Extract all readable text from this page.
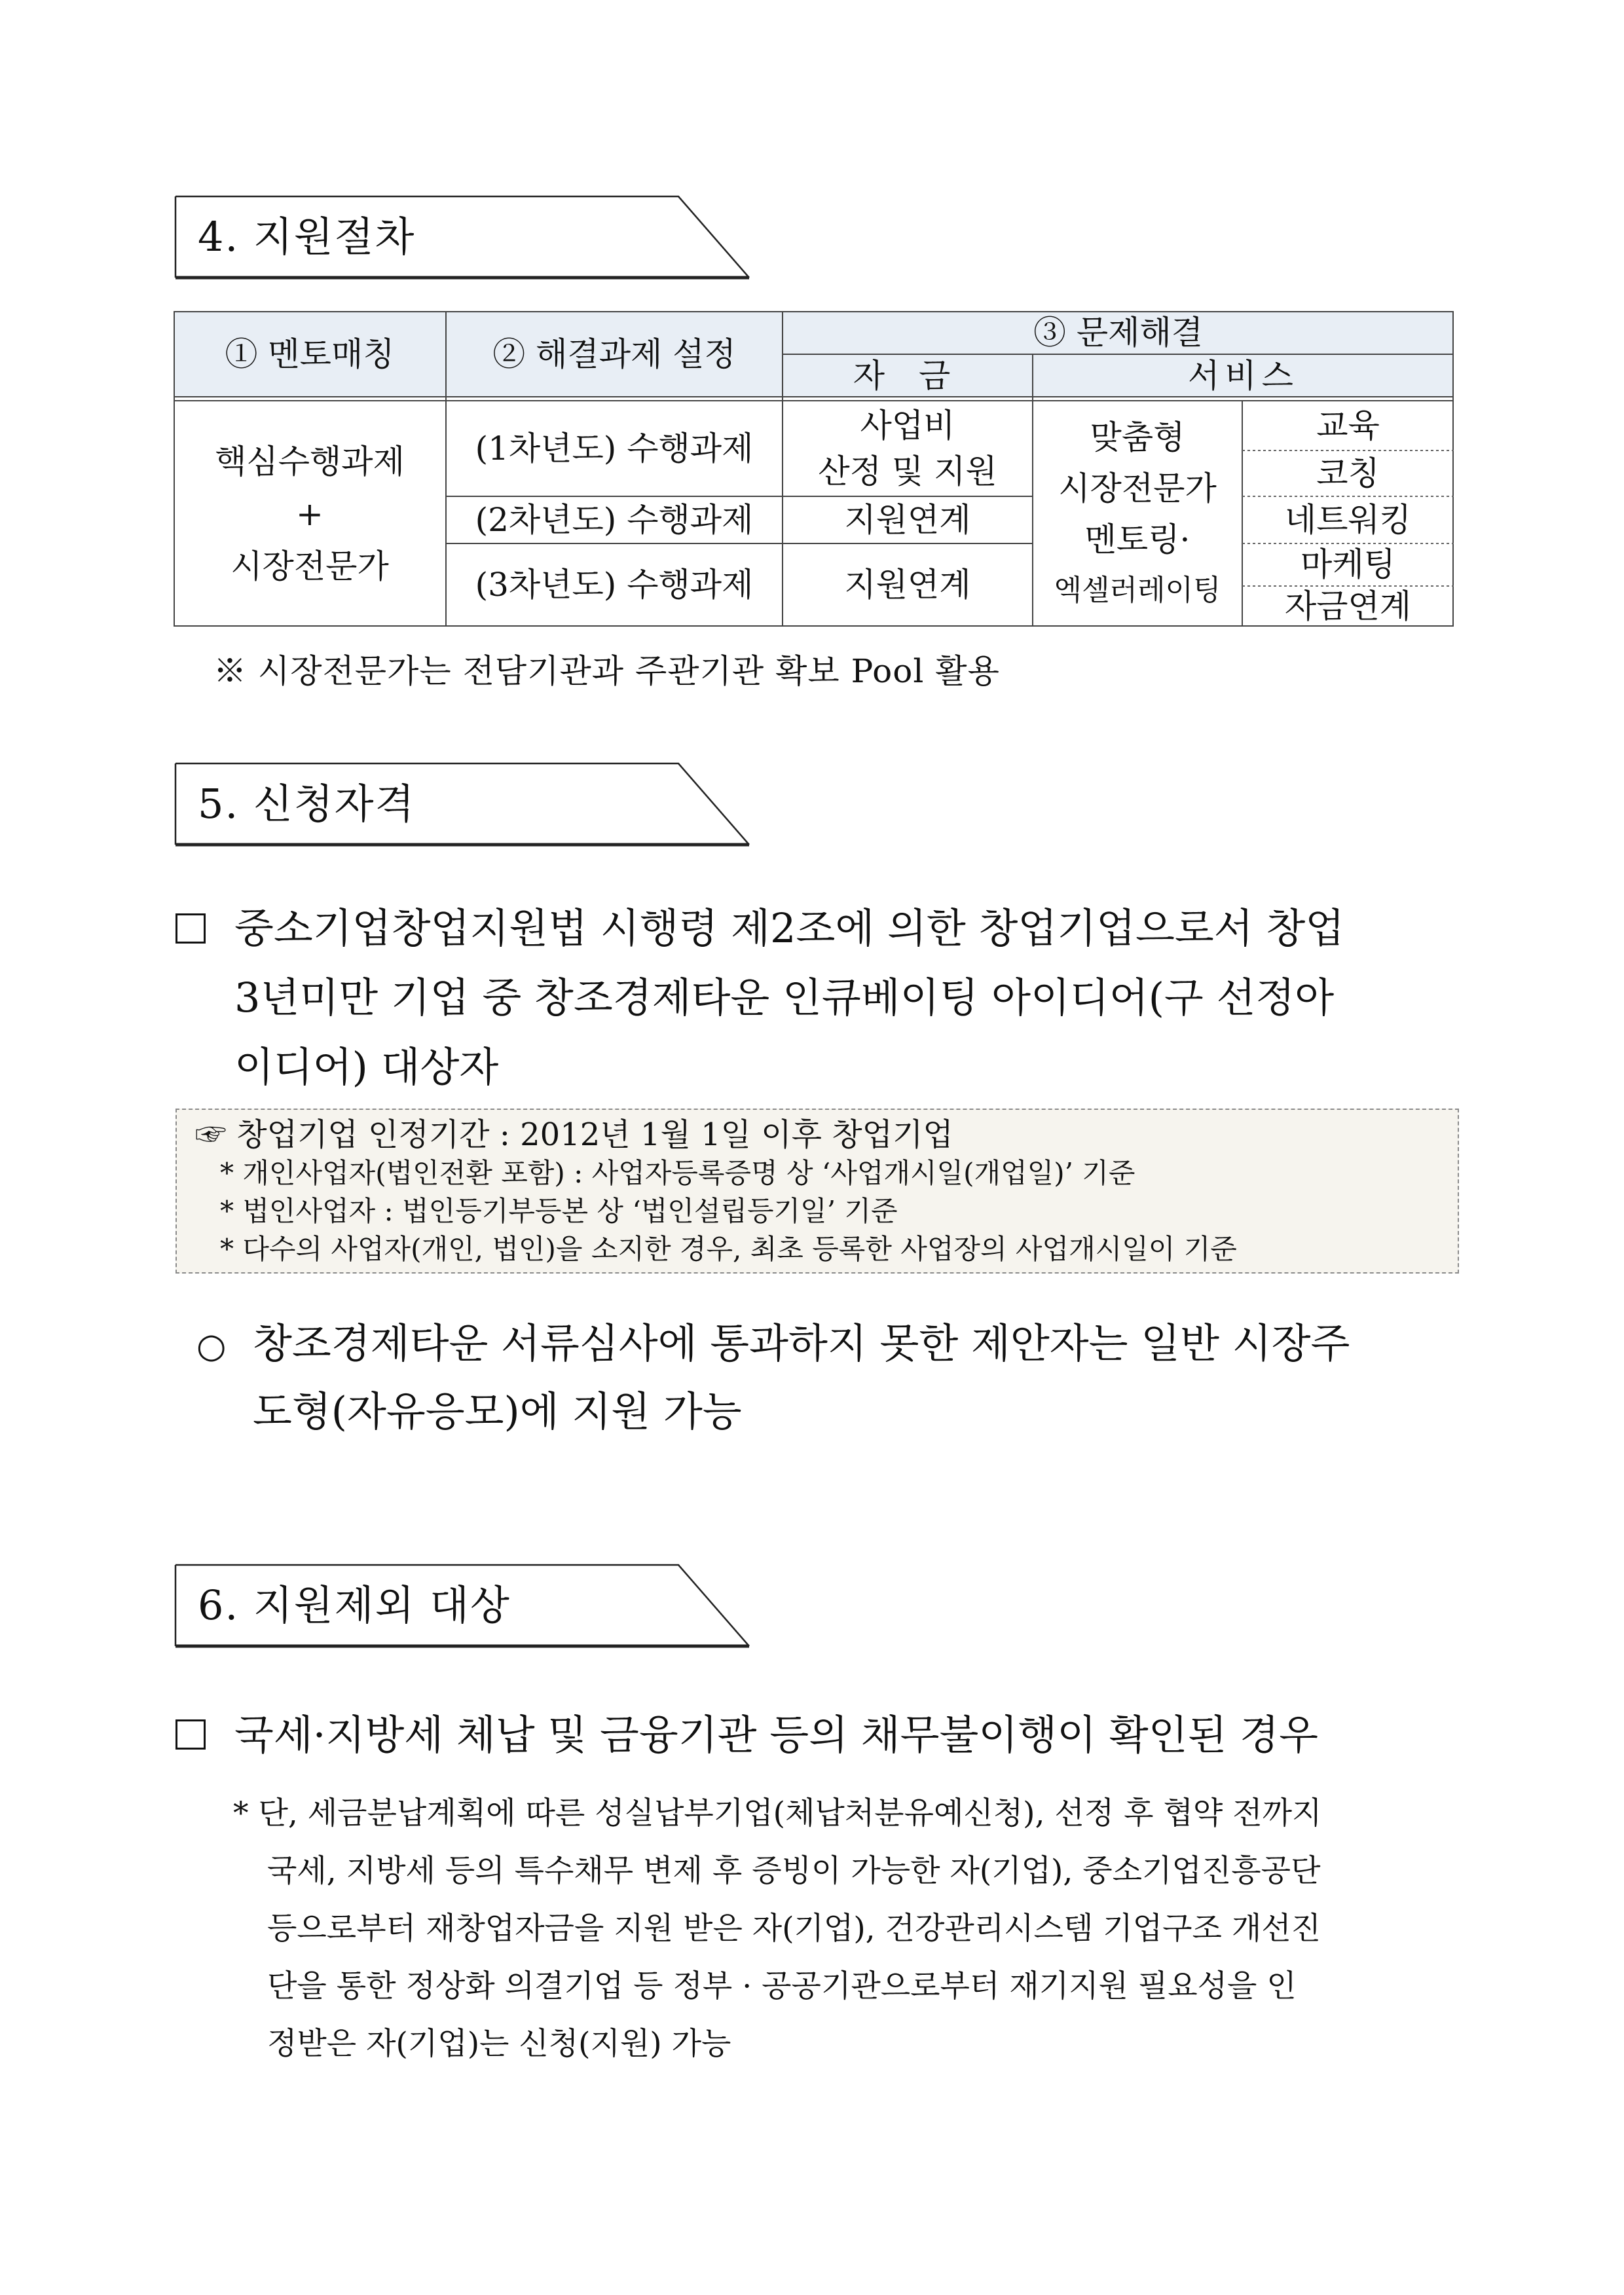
4. 지원절차
① 멘토매칭	② 해결과제 설정
③ 문제해결
자 금	서비스
핵심수행과제
+
시장전문가
(1차년도) 수행과제
(2차년도) 수행과제
(3차년도) 수행과제
사업비
산정 및 지원
지원연계
지원연계
맞춤형
시장전문가
멘토링·
엑셀러레이팅
교육
코칭
네트워킹
마케팅
자금연계
※ 시장전문가는 전담기관과 주관기관 확보 Pool 활용
5. 신청자격
중소기업창업지원법 시행령 제2조에 의한 창업기업으로서 창업
3년미만 기업 중 창조경제타운 인큐베이팅 아이디어(구 선정아
이디어) 대상자
☞ 창업기업 인정기간 : 2012년 1월 1일 이후 창업기업
* 개인사업자(법인전환 포함) : 사업자등록증명 상 ‘사업개시일(개업일)’ 기준
* 법인사업자 : 법인등기부등본 상 ‘법인설립등기일’ 기준
* 다수의 사업자(개인, 법인)을 소지한 경우, 최초 등록한 사업장의 사업개시일이 기준
○ 창조경제타운 서류심사에 통과하지 못한 제안자는 일반 시장주
도형(자유응모)에 지원 가능
6. 지원제외 대상
국세·지방세 체납 및 금융기관 등의 채무불이행이 확인된 경우
* 단, 세금분납계획에 따른 성실납부기업(체납처분유예신청), 선정 후 협약 전까지
국세, 지방세 등의 특수채무 변제 후 증빙이 가능한 자(기업), 중소기업진흥공단
등으로부터 재창업자금을 지원 받은 자(기업), 건강관리시스템 기업구조 개선진
단을 통한 정상화 의결기업 등 정부 · 공공기관으로부터 재기지원 필요성을 인
정받은 자(기업)는 신청(지원) 가능
